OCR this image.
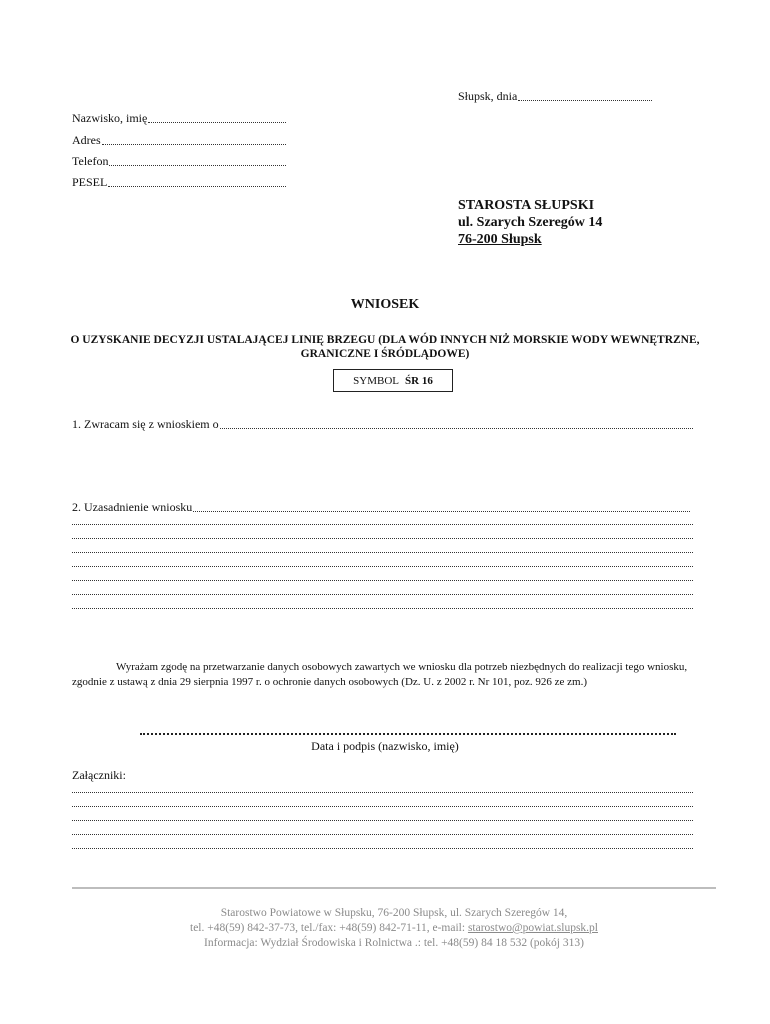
Słupsk, dnia
Nazwisko, imię
Adres
Telefon
PESEL
STAROSTA SŁUPSKI
ul. Szarych Szeregów 14
76-200 Słupsk
WNIOSEK
O UZYSKANIE DECYZJI USTALAJĄCEJ LINIĘ BRZEGU (DLA WÓD INNYCH NIŻ MORSKIE WODY WEWNĘTRZNE, GRANICZNE I ŚRÓDLĄDOWE)
SYMBOL ŚR 16
1. Zwracam się z wnioskiem o
2. Uzasadnienie wniosku
Wyrażam zgodę na przetwarzanie danych osobowych zawartych we wniosku dla potrzeb niezbędnych do realizacji tego wniosku, zgodnie z ustawą z dnia 29 sierpnia 1997 r. o ochronie danych osobowych (Dz. U. z 2002 r. Nr 101, poz. 926 ze zm.)
Data i podpis (nazwisko, imię)
Załączniki:
Starostwo Powiatowe w Słupsku, 76-200 Słupsk, ul. Szarych Szeregów 14,
tel. +48(59) 842-37-73, tel./fax: +48(59) 842-71-11, e-mail: starostwo@powiat.slupsk.pl
Informacja: Wydział Środowiska i Rolnictwa .: tel. +48(59) 84 18 532 (pokój 313)
